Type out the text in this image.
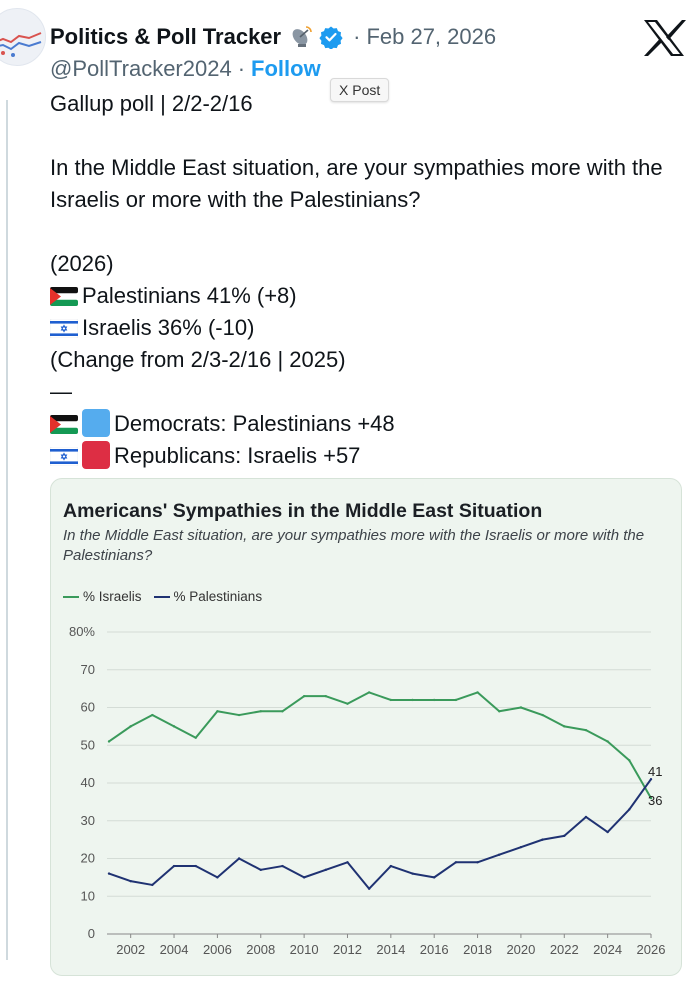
Politics & Poll Tracker	· Feb 27, 2026
@PollTracker2024 · Follow
X Post

Gallup poll | 2/2-2/16

In the Middle East situation, are your sympathies more with the Israelis or more with the Palestinians?

(2026)

Palestinians 41% (+8)

Israelis 36% (-10)

(Change from 2/3-2/16 | 2025)

—

Democrats: Palestinians +48

Republicans: Israelis +57

Americans' Sympathies in the Middle East Situation
In the Middle East situation, are your sympathies more with the Israelis or more with the Palestinians?
% Israelis % Palestinians
0
10
20
30
40
50
60
70
80%
2002 2004 2006 2008 2010 2012 2014 2016 2018 2020 2022 2024 2026
36
41
